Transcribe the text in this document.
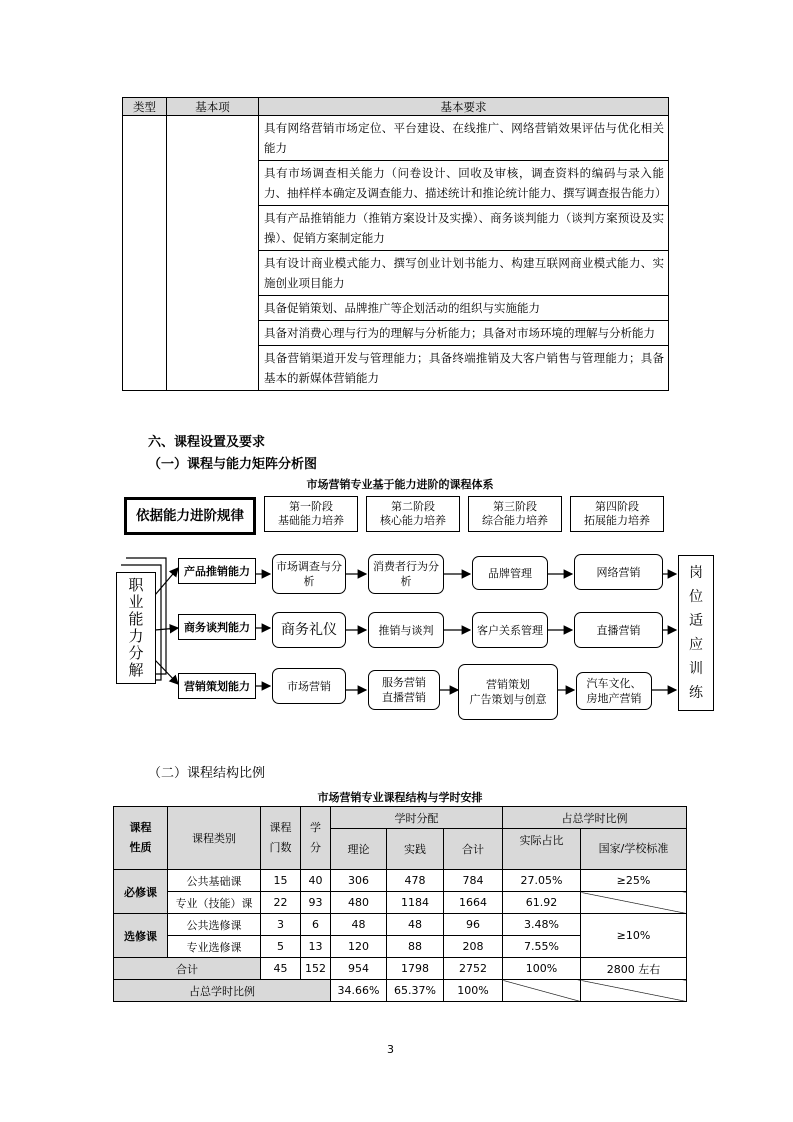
类型	基本项	基本要求
		具有网络营销市场定位、平台建设、在线推广、网络营销效果评估与优化相关能力
		具有市场调查相关能力（问卷设计、回收及审核，调查资料的编码与录入能力、抽样样本确定及调查能力、描述统计和推论统计能力、撰写调查报告能力）
		具有产品推销能力（推销方案设计及实操）、商务谈判能力（谈判方案预设及实操）、促销方案制定能力
		具有设计商业模式能力、撰写创业计划书能力、构建互联网商业模式能力、实施创业项目能力
		具备促销策划、品牌推广等企划活动的组织与实施能力
		具备对消费心理与行为的理解与分析能力；具备对市场环境的理解与分析能力
		具备营销渠道开发与管理能力；具备终端推销及大客户销售与管理能力；具备基本的新媒体营销能力
六、课程设置及要求
（一）课程与能力矩阵分析图
市场营销专业基于能力进阶的课程体系
依据能力进阶规律
第一阶段
基础能力培养
第二阶段
核心能力培养
第三阶段
综合能力培养
第四阶段
拓展能力培养
职业能力分解
产品推销能力
商务谈判能力
营销策划能力
市场调查与分析
消费者行为分析
品牌管理	网络营销
商务礼仪	推销与谈判	客户关系管理	直播营销
市场营销	服务营销
直播营销
营销策划
广告策划与创意
汽车文化、
房地产营销
岗位适应训练
（二）课程结构比例
市场营销专业课程结构与学时安排
课程性质	课程类别	课程门数	学分	学时分配			占总学时比例	
				理论	实践	合计	实际占比	国家/学校标准
必修课	公共基础课	15	40	306	478	784	27.05%	≥25%
	专业（技能）课	22	93	480	1184	1664	61.92	
选修课	公共选修课	3	6	48	48	96	3.48%	≥10%
	专业选修课	5	13	120	88	208	7.55%	
合计		45	152	954	1798	2752	100%	2800 左右
占总学时比例				34.66%	65.37%	100%		
3
